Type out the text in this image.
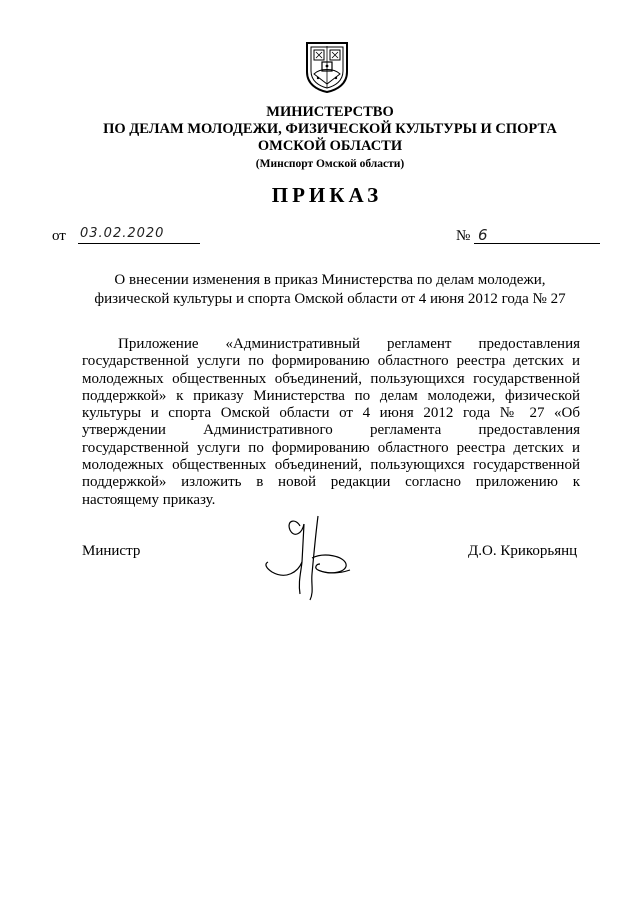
МИНИСТЕРСТВО

ПО ДЕЛАМ МОЛОДЕЖИ, ФИЗИЧЕСКОЙ КУЛЬТУРЫ И СПОРТА

ОМСКОЙ ОБЛАСТИ

(Минспорт Омской области)

ПРИКАЗ
от 03.02.2020	№ 6
О внесении изменения в приказ Министерства по делам молодежи, физической культуры и спорта Омской области от 4 июня 2012 года № 27
Приложение «Административный регламент предоставления государственной услуги по формированию областного реестра детских и молодежных общественных объединений, пользующихся государственной поддержкой» к приказу Министерства по делам молодежи, физической культуры и спорта Омской области от 4 июня 2012 года № 27 «Об утверждении Административного регламента предоставления государственной услуги по формированию областного реестра детских и молодежных общественных объединений, пользующихся государственной поддержкой» изложить в новой редакции согласно приложению к настоящему приказу.
Министр	Д.О. Крикорьянц
